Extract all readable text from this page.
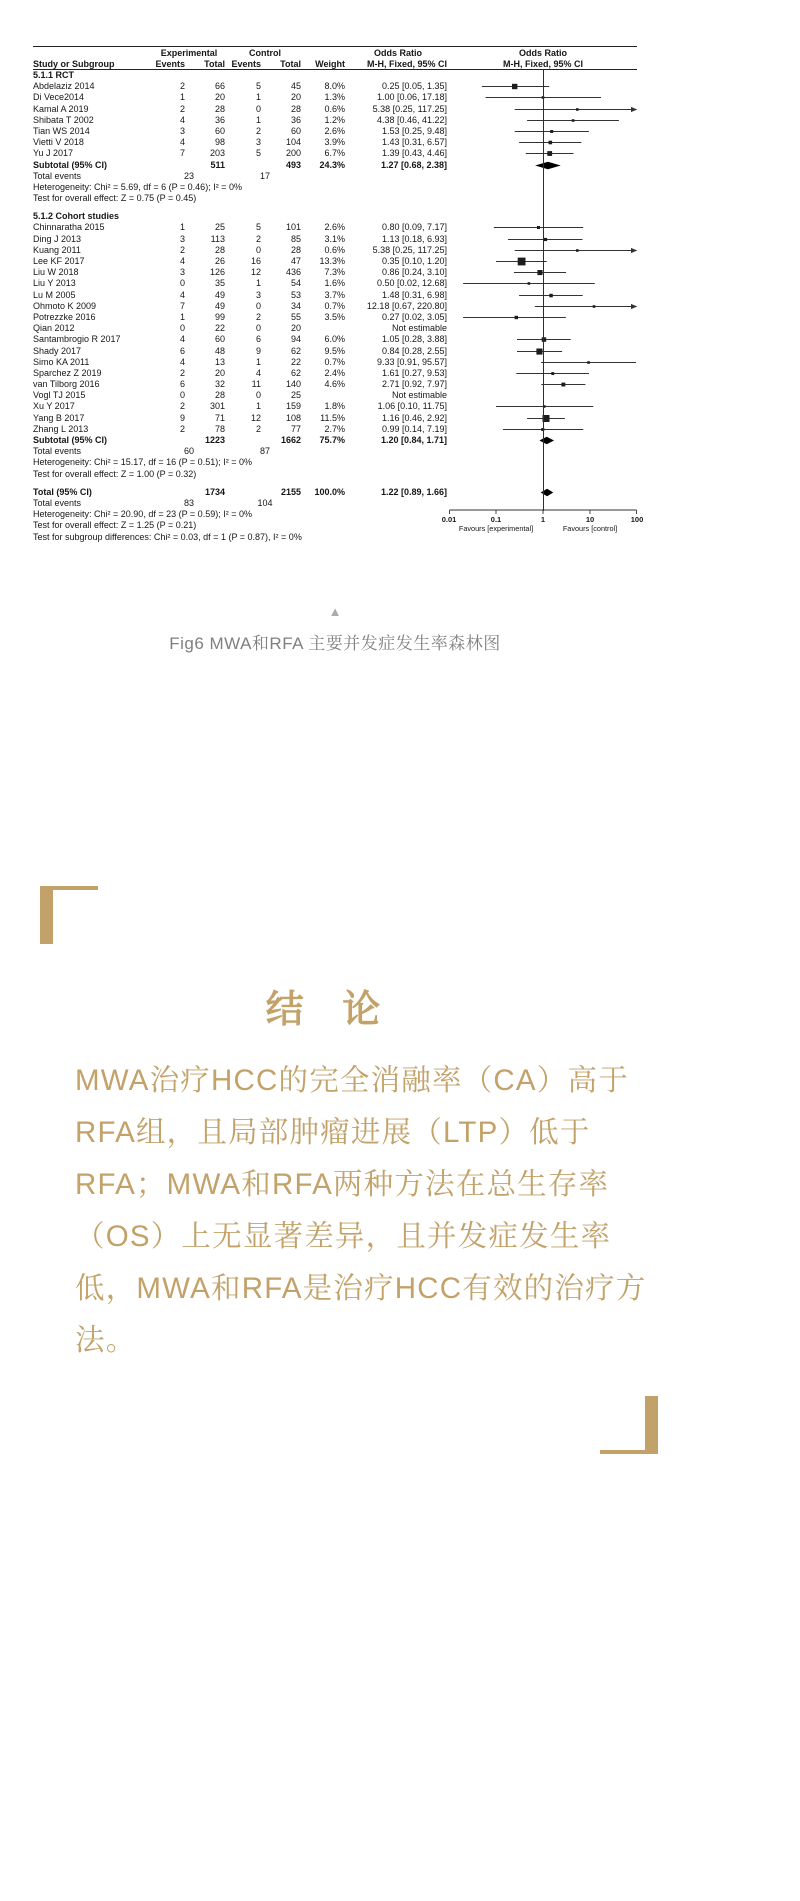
Experimental	Control	Odds Ratio	Odds Ratio
Study or Subgroup	Events	Total Events	Total	Weight	M-H, Fixed, 95% CI	M-H, Fixed, 95% CI
5.1.1 RCT
Abdelaziz 2014	2	66	5	45	8.0%	0.25 [0.05, 1.35]
Di Vece2014	1	20	1	20	1.3%	1.00 [0.06, 17.18]
Kamal A 2019	2	28	0	28	0.6%	5.38 [0.25, 117.25]
Shibata T 2002	4	36	1	36	1.2%	4.38 [0.46, 41.22]
Tian WS 2014	3	60	2	60	2.6%	1.53 [0.25, 9.48]
Vietti V 2018	4	98	3	104	3.9%	1.43 [0.31, 6.57]
Yu J 2017	7	203	5	200	6.7%	1.39 [0.43, 4.46]
Subtotal (95% CI)	511	493	24.3%	1.27 [0.68, 2.38]
Total events	23	17
Heterogeneity: Chi² = 5.69, df = 6 (P = 0.46); I² = 0%
Test for overall effect: Z = 0.75 (P = 0.45)
5.1.2 Cohort studies
Chinnaratha 2015	1	25	5	101	2.6%	0.80 [0.09, 7.17]
Ding J 2013	3	113	2	85	3.1%	1.13 [0.18, 6.93]
Kuang 2011	2	28	0	28	0.6%	5.38 [0.25, 117.25]
Lee KF 2017	4	26	16	47	13.3%	0.35 [0.10, 1.20]
Liu W 2018	3	126	12	436	7.3%	0.86 [0.24, 3.10]
Liu Y 2013	0	35	1	54	1.6%	0.50 [0.02, 12.68]
Lu M 2005	4	49	3	53	3.7%	1.48 [0.31, 6.98]
Ohmoto K 2009	7	49	0	34	0.7%	12.18 [0.67, 220.80]
Potrezzke 2016	1	99	2	55	3.5%	0.27 [0.02, 3.05]
Qian 2012	0	22	0	20	Not estimable
Santambrogio R 2017	4	60	6	94	6.0%	1.05 [0.28, 3.88]
Shady 2017	6	48	9	62	9.5%	0.84 [0.28, 2.55]
Simo KA 2011	4	13	1	22	0.7%	9.33 [0.91, 95.57]
Sparchez Z 2019	2	20	4	62	2.4%	1.61 [0.27, 9.53]
van Tilborg 2016	6	32	11	140	4.6%	2.71 [0.92, 7.97]
Vogl TJ 2015	0	28	0	25	Not estimable
Xu Y 2017	2	301	1	159	1.8%	1.06 [0.10, 11.75]
Yang B 2017	9	71	12	108	11.5%	1.16 [0.46, 2.92]
Zhang L 2013	2	78	2	77	2.7%	0.99 [0.14, 7.19]
Subtotal (95% CI)	1223	1662	75.7%	1.20 [0.84, 1.71]
Total events	60	87
Heterogeneity: Chi² = 15.17, df = 16 (P = 0.51); I² = 0%
Test for overall effect: Z = 1.00 (P = 0.32)
Total (95% CI)	1734	2155	100.0%	1.22 [0.89, 1.66]
Total events	83	104
Heterogeneity: Chi² = 20.90, df = 23 (P = 0.59); I² = 0%
Test for overall effect: Z = 1.25 (P = 0.21)
Test for subgroup differences: Chi² = 0.03, df = 1 (P = 0.87), I² = 0%
0.01	0.1	1	10	100
Favours [experimental]	Favours [control]
▲
Fig6 MWA和RFA 主要并发症发生率森林图
结 论

MWA治疗HCC的完全消融率（CA）高于RFA组，且局部肿瘤进展（LTP）低于RFA；MWA和RFA两种方法在总生存率（OS）上无显著差异，且并发症发生率低，MWA和RFA是治疗HCC有效的治疗方法。
